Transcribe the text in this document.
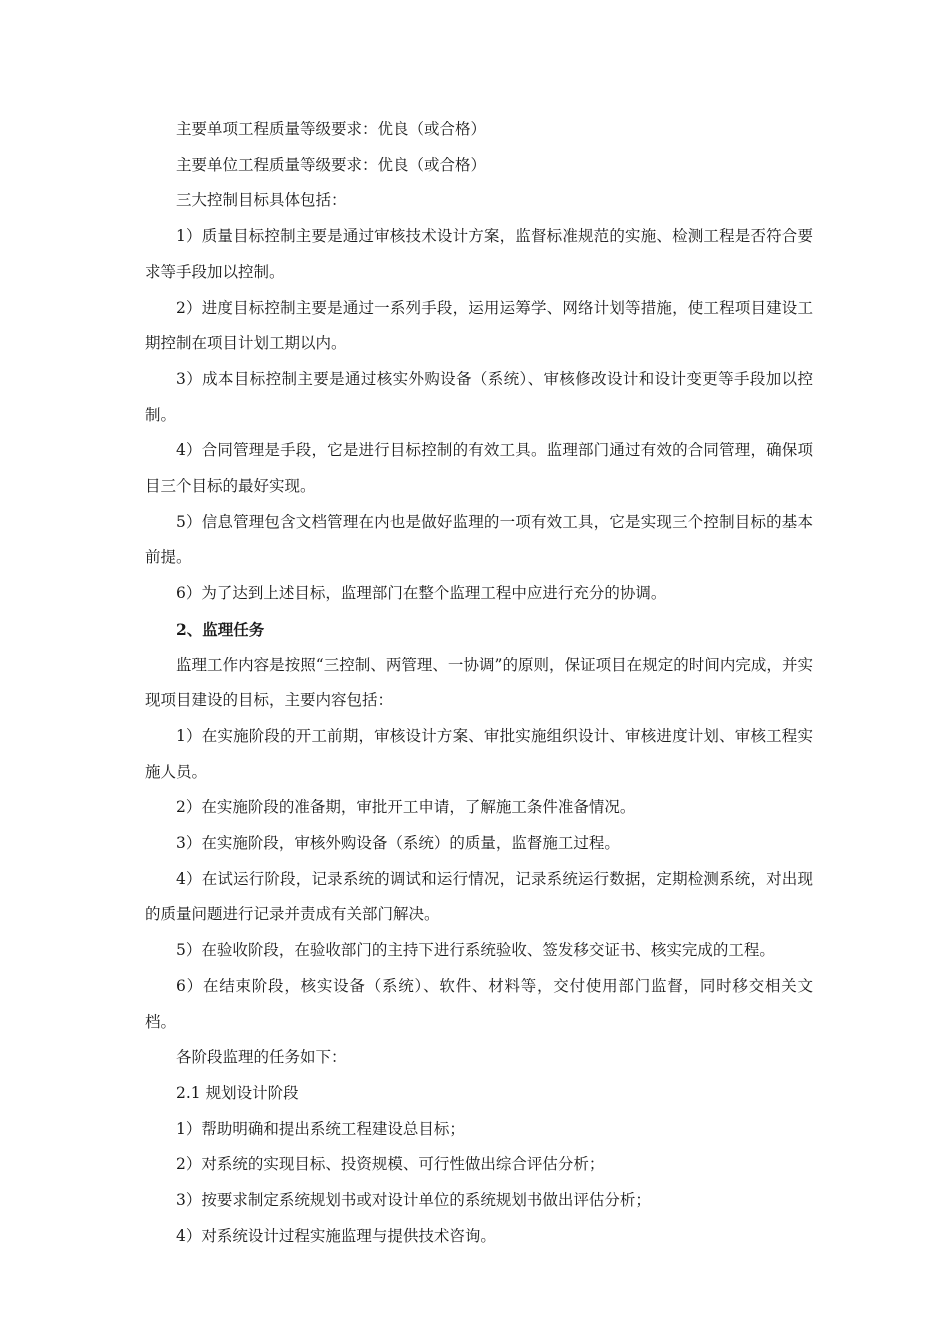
主要单项工程质量等级要求：优良（或合格）

主要单位工程质量等级要求：优良（或合格）

三大控制目标具体包括：

1）质量目标控制主要是通过审核技术设计方案，监督标准规范的实施、检测工程是否符合要求等手段加以控制。

2）进度目标控制主要是通过一系列手段，运用运筹学、网络计划等措施，使工程项目建设工期控制在项目计划工期以内。

3）成本目标控制主要是通过核实外购设备（系统）、审核修改设计和设计变更等手段加以控制。

4）合同管理是手段，它是进行目标控制的有效工具。监理部门通过有效的合同管理，确保项目三个目标的最好实现。

5）信息管理包含文档管理在内也是做好监理的一项有效工具，它是实现三个控制目标的基本前提。

6）为了达到上述目标，监理部门在整个监理工程中应进行充分的协调。

2、监理任务

监理工作内容是按照“三控制、两管理、一协调”的原则，保证项目在规定的时间内完成，并实现项目建设的目标，主要内容包括：

1）在实施阶段的开工前期，审核设计方案、审批实施组织设计、审核进度计划、审核工程实施人员。

2）在实施阶段的准备期，审批开工申请，了解施工条件准备情况。

3）在实施阶段，审核外购设备（系统）的质量，监督施工过程。

4）在试运行阶段，记录系统的调试和运行情况，记录系统运行数据，定期检测系统，对出现的质量问题进行记录并责成有关部门解决。

5）在验收阶段，在验收部门的主持下进行系统验收、签发移交证书、核实完成的工程。

6）在结束阶段，核实设备（系统）、软件、材料等，交付使用部门监督，同时移交相关文档。

各阶段监理的任务如下：

2.1 规划设计阶段

1）帮助明确和提出系统工程建设总目标；

2）对系统的实现目标、投资规模、可行性做出综合评估分析；

3）按要求制定系统规划书或对设计单位的系统规划书做出评估分析；

4）对系统设计过程实施监理与提供技术咨询。
